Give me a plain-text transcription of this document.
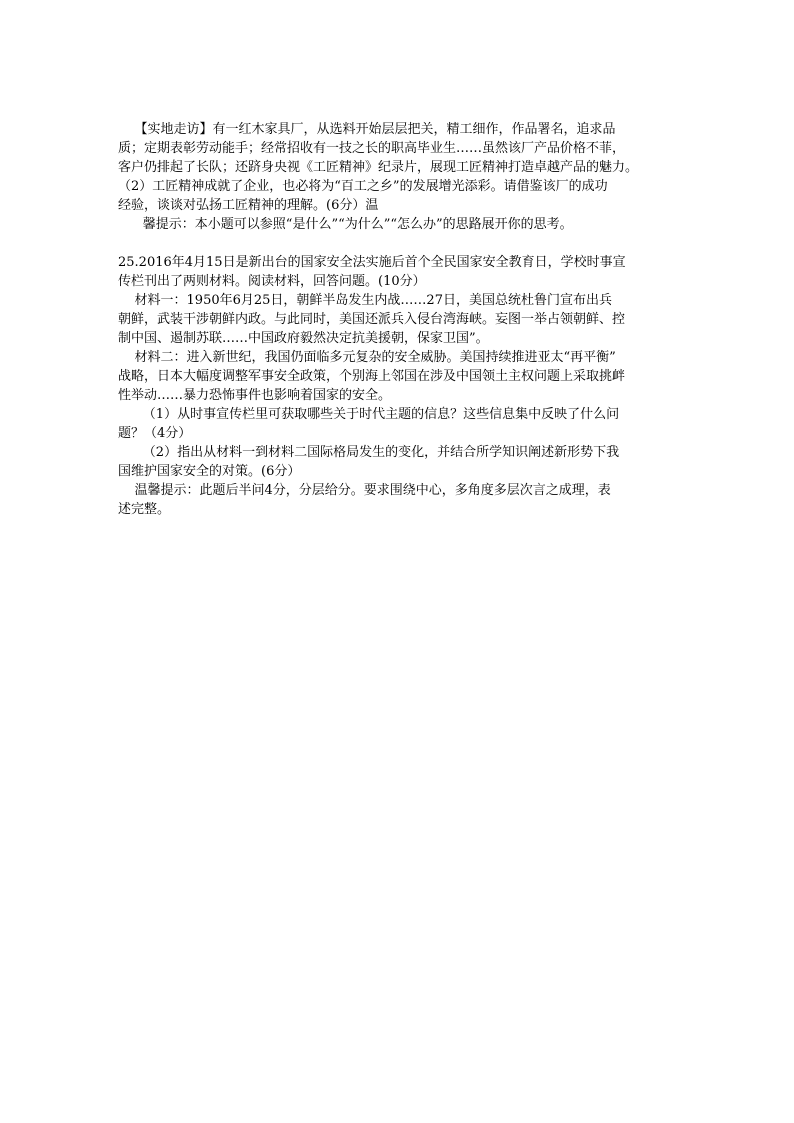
【实地走访】有一红木家具厂，从选料开始层层把关，精工细作，作品署名，追求品
质；定期表彰劳动能手；经常招收有一技之长的职高毕业生……虽然该厂产品价格不菲，
客户仍排起了长队；还跻身央视《工匠精神》纪录片，展现工匠精神打造卓越产品的魅力。
（2）工匠精神成就了企业，也必将为“百工之乡”的发展增光添彩。请借鉴该厂的成功
经验，谈谈对弘扬工匠精神的理解。(6分）温
馨提示：本小题可以参照“是什么”“为什么”“怎么办”的思路展开你的思考。
25.2016年4月15日是新出台的国家安全法实施后首个全民国家安全教育日，学校时事宣
传栏刊出了两则材料。阅读材料，回答问题。(10分）
材料一：1950年6月25日，朝鲜半岛发生内战……27日，美国总统杜鲁门宣布出兵
朝鲜，武装干涉朝鲜内政。与此同时，美国还派兵入侵台湾海峡。妄图一举占领朝鲜、控
制中国、遏制苏联……中国政府毅然决定抗美援朝，保家卫国”。
材料二：进入新世纪，我国仍面临多元复杂的安全威胁。美国持续推进亚太“再平衡”
战略，日本大幅度调整军事安全政策，个别海上邻国在涉及中国领土主权问题上采取挑衅
性举动……暴力恐怖事件也影响着国家的安全。
（1）从时事宣传栏里可获取哪些关于时代主题的信息？这些信息集中反映了什么问
题？（4分）
（2）指出从材料一到材料二国际格局发生的变化，并结合所学知识阐述新形势下我
国维护国家安全的对策。(6分）
温馨提示：此题后半问4分，分层给分。要求围绕中心，多角度多层次言之成理，表
述完整。
